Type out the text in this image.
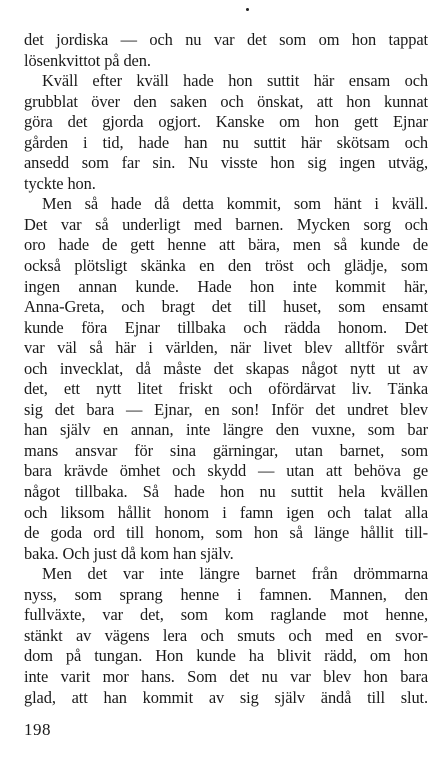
det jordiska — och nu var det som om hon tappat
lösenkvittot på den.
Kväll efter kväll hade hon suttit här ensam och
grubblat över den saken och önskat, att hon kunnat
göra det gjorda ogjort. Kanske om hon gett Ejnar
gården i tid, hade han nu suttit här skötsam och
ansedd som far sin. Nu visste hon sig ingen utväg,
tyckte hon.
Men så hade då detta kommit, som hänt i kväll.
Det var så underligt med barnen. Mycken sorg och
oro hade de gett henne att bära, men så kunde de
också plötsligt skänka en den tröst och glädje, som
ingen annan kunde. Hade hon inte kommit här,
Anna-Greta, och bragt det till huset, som ensamt
kunde föra Ejnar tillbaka och rädda honom. Det
var väl så här i världen, när livet blev alltför svårt
och invecklat, då måste det skapas något nytt ut av
det, ett nytt litet friskt och ofördärvat liv. Tänka
sig det bara — Ejnar, en son! Inför det undret blev
han själv en annan, inte längre den vuxne, som bar
mans ansvar för sina gärningar, utan barnet, som
bara krävde ömhet och skydd — utan att behöva ge
något tillbaka. Så hade hon nu suttit hela kvällen
och liksom hållit honom i famn igen och talat alla
de goda ord till honom, som hon så länge hållit till-
baka. Och just då kom han själv.
Men det var inte längre barnet från drömmarna
nyss, som sprang henne i famnen. Mannen, den
fullväxte, var det, som kom raglande mot henne,
stänkt av vägens lera och smuts och med en svor-
dom på tungan. Hon kunde ha blivit rädd, om hon
inte varit mor hans. Som det nu var blev hon bara
glad, att han kommit av sig själv ändå till slut.
198
